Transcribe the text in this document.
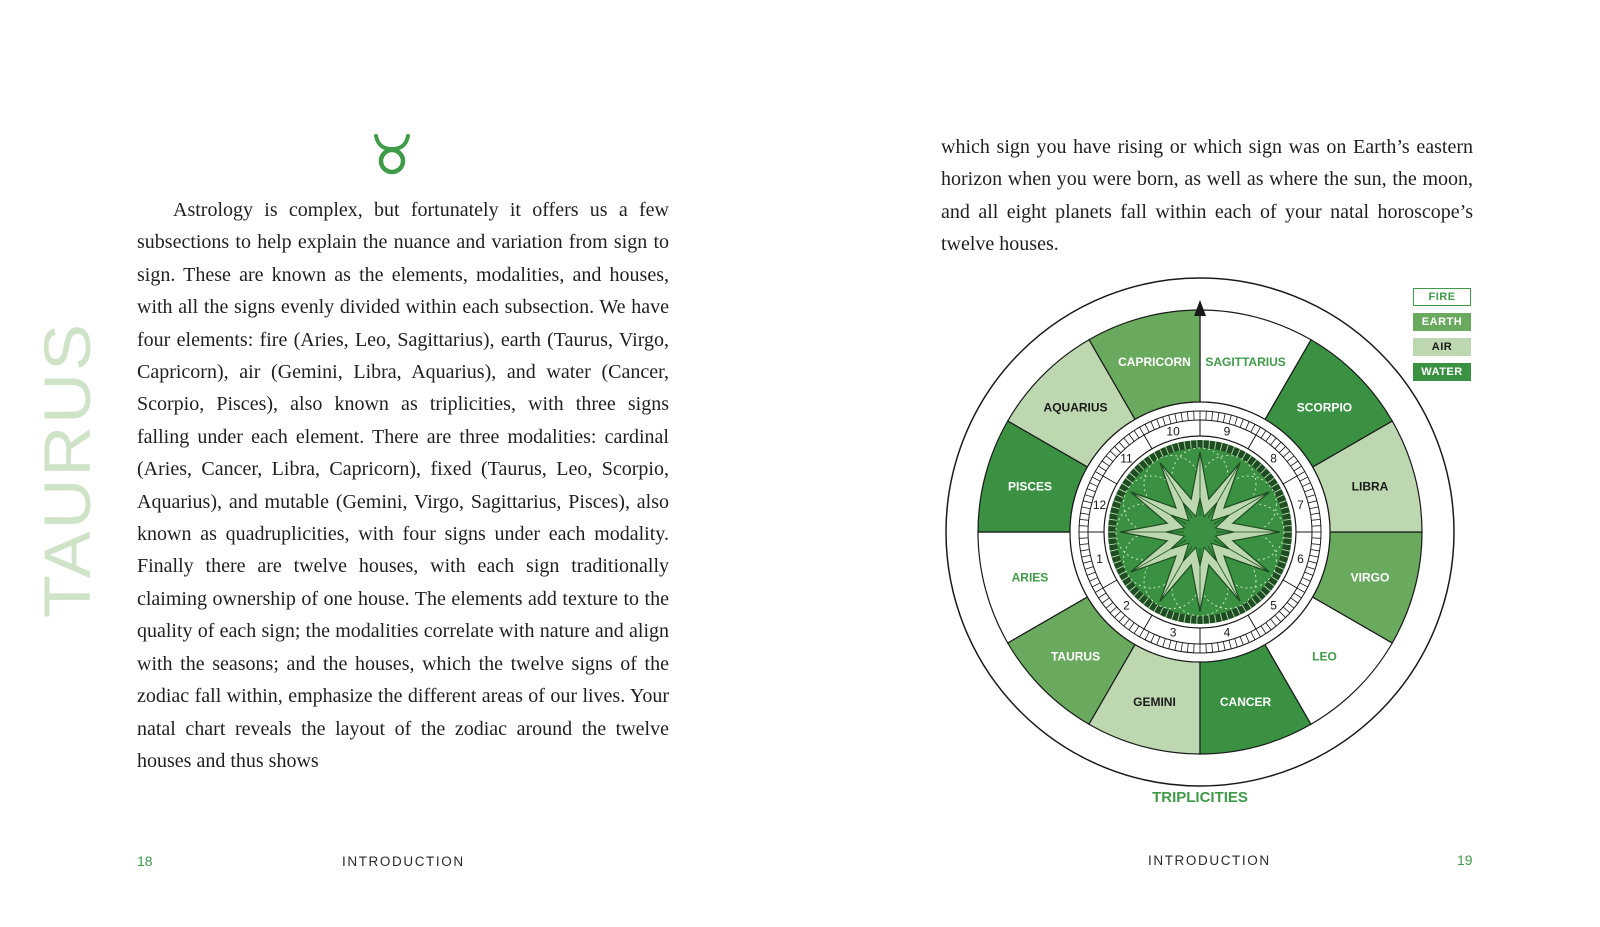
TAURUS

Astrology is complex, but fortunately it offers us a few subsections to help explain the nuance and variation from sign to sign. These are known as the elements, modalities, and houses, with all the signs evenly divided within each subsection. We have four elements: fire (Aries, Leo, Sagittarius), earth (Taurus, Virgo, Capricorn), air (Gemini, Libra, Aquarius), and water (Cancer, Scorpio, Pisces), also known as triplicities, with three signs falling under each element. There are three modalities: cardinal (Aries, Cancer, Libra, Capricorn), fixed (Taurus, Leo, Scorpio, Aquarius), and mutable (Gemini, Virgo, Sagittarius, Pisces), also known as quadruplicities, with four signs under each modality. Finally there are twelve houses, with each sign traditionally claiming ownership of one house. The elements add texture to the quality of each sign; the modalities correlate with nature and align with the seasons; and the houses, which the twelve signs of the zodiac fall within, emphasize the different areas of our lives. Your natal chart reveals the layout of the zodiac around the twelve houses and thus shows

which sign you have rising or which sign was on Earth’s eastern horizon when you were born, as well as where the sun, the moon, and all eight planets fall within each of your natal horoscope’s twelve houses.

ARIES
TAURUS
GEMINI	CANCER
LEO
VIRGO
LIBRA
SCORPIO
SAGITTARIUS
CAPRICORN
AQUARIUS
PISCES
1
2
3	4
5
6
7
8
9
10
11
12
TRIPLICITIES
FIRE
EARTH
AIR
WATER
18	INTRODUCTION	INTRODUCTION	19
